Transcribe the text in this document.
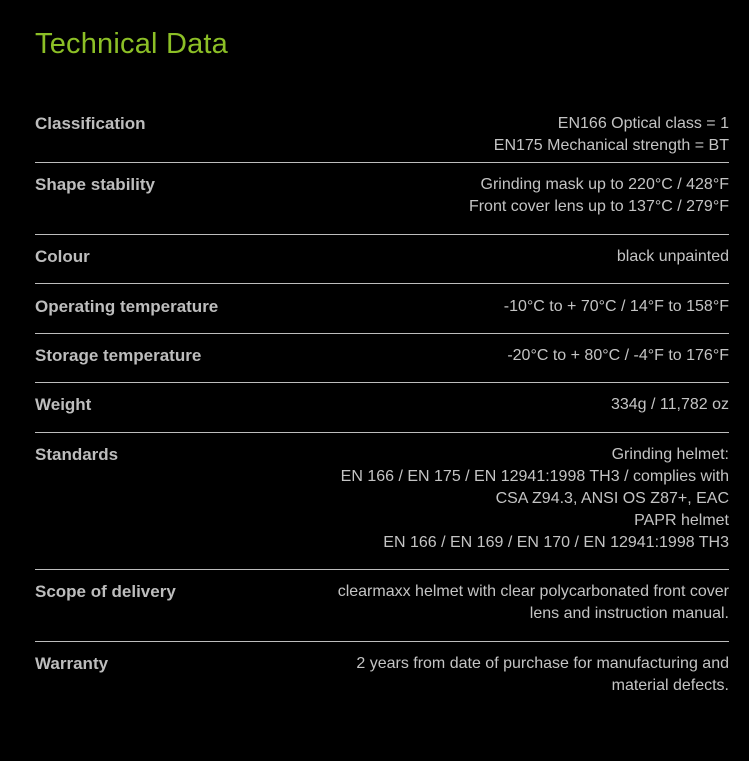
Technical Data
Classification	EN166 Optical class = 1
EN175 Mechanical strength = BT
Shape stability	Grinding mask up to 220°C / 428°F
Front cover lens up to 137°C / 279°F
Colour	black unpainted
Operating temperature	-10°C to + 70°C / 14°F to 158°F
Storage temperature	-20°C to + 80°C / -4°F to 176°F
Weight	334g / 11,782 oz
Standards	Grinding helmet:
EN 166 / EN 175 / EN 12941:1998 TH3 / complies with
CSA Z94.3, ANSI OS Z87+, EAC
PAPR helmet
EN 166 / EN 169 / EN 170 / EN 12941:1998 TH3
Scope of delivery	clearmaxx helmet with clear polycarbonated front cover
lens and instruction manual.
Warranty	2 years from date of purchase for manufacturing and
material defects.
